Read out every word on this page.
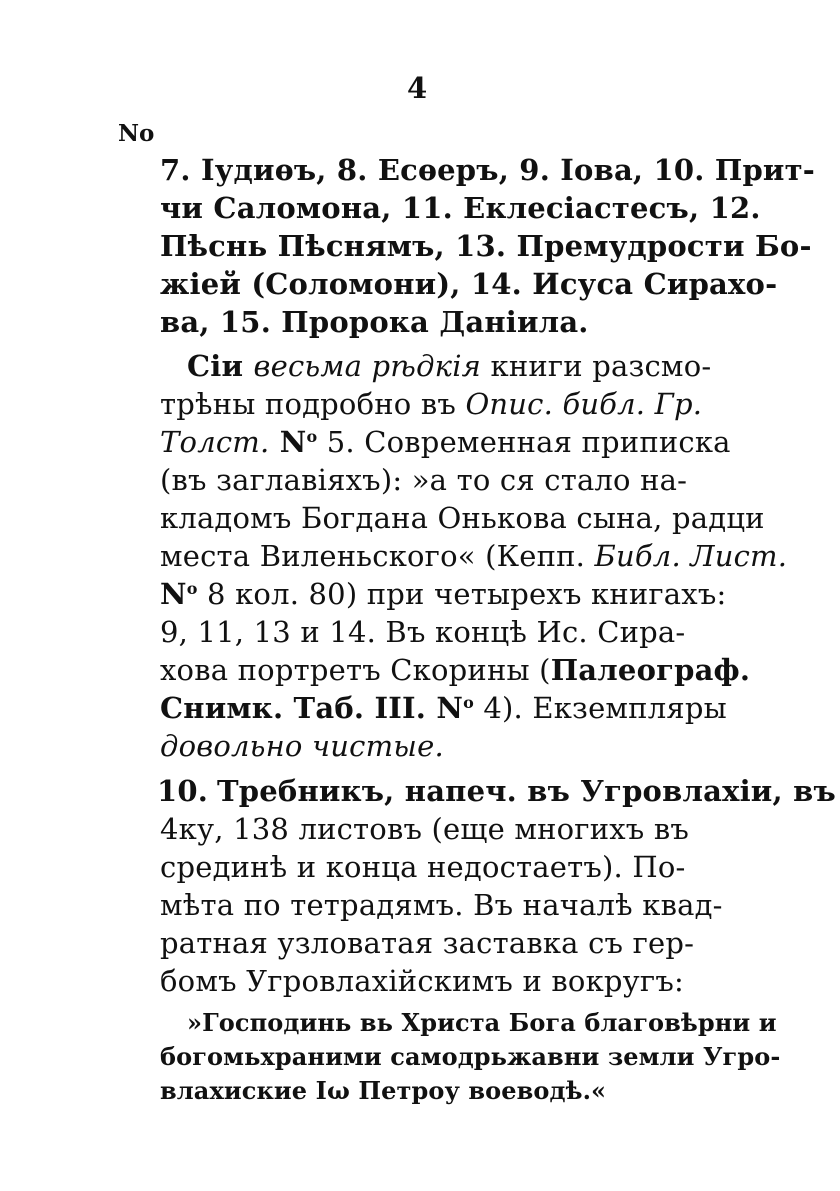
4
No
7. Іудиѳъ, 8. Есѳеръ, 9. Іова, 10. Прит-
чи Саломона, 11. Еклесіастесъ, 12.
Пѣснь Пѣснямъ, 13. Премудрости Бо-
жіей (Соломони), 14. Исуса Сирахо-
ва, 15. Пророка Даніила.
Сіи весьма рѣдкія книги разсмо-
трѣны подробно въ Опис. библ. Гр.
Толст. $N^о$ 5. Современная приписка
(въ заглавіяхъ): »а то ся стало на-
кладомъ Богдана Онькова сына, радци
места Виленьского« (Кепп. Библ. Лист.
$N^о$ 8 кол. 80) при четырехъ книгахъ:
9, 11, 13 и 14. Въ концѣ Ис. Сира-
хова портретъ Скорины (Палеограф.
Снимк. Таб. III. $N^о$ 4). Екземпляры
довольно чистые.
10. Требникъ, напеч. въ Угровлахіи, въ
4ку, 138 листовъ (еще многихъ въ
срединѣ и конца недостаетъ). По-
мѣта по тетрадямъ. Въ началѣ квад-
ратная узловатая заставка съ гер-
бомъ Угровлахійскимъ и вокругъ:
»Господинь вь Христа Бога благовѣрни и
богомьхраними самодрьжавни земли Угро-
влахиские Іω Петроу воеводѣ.«
